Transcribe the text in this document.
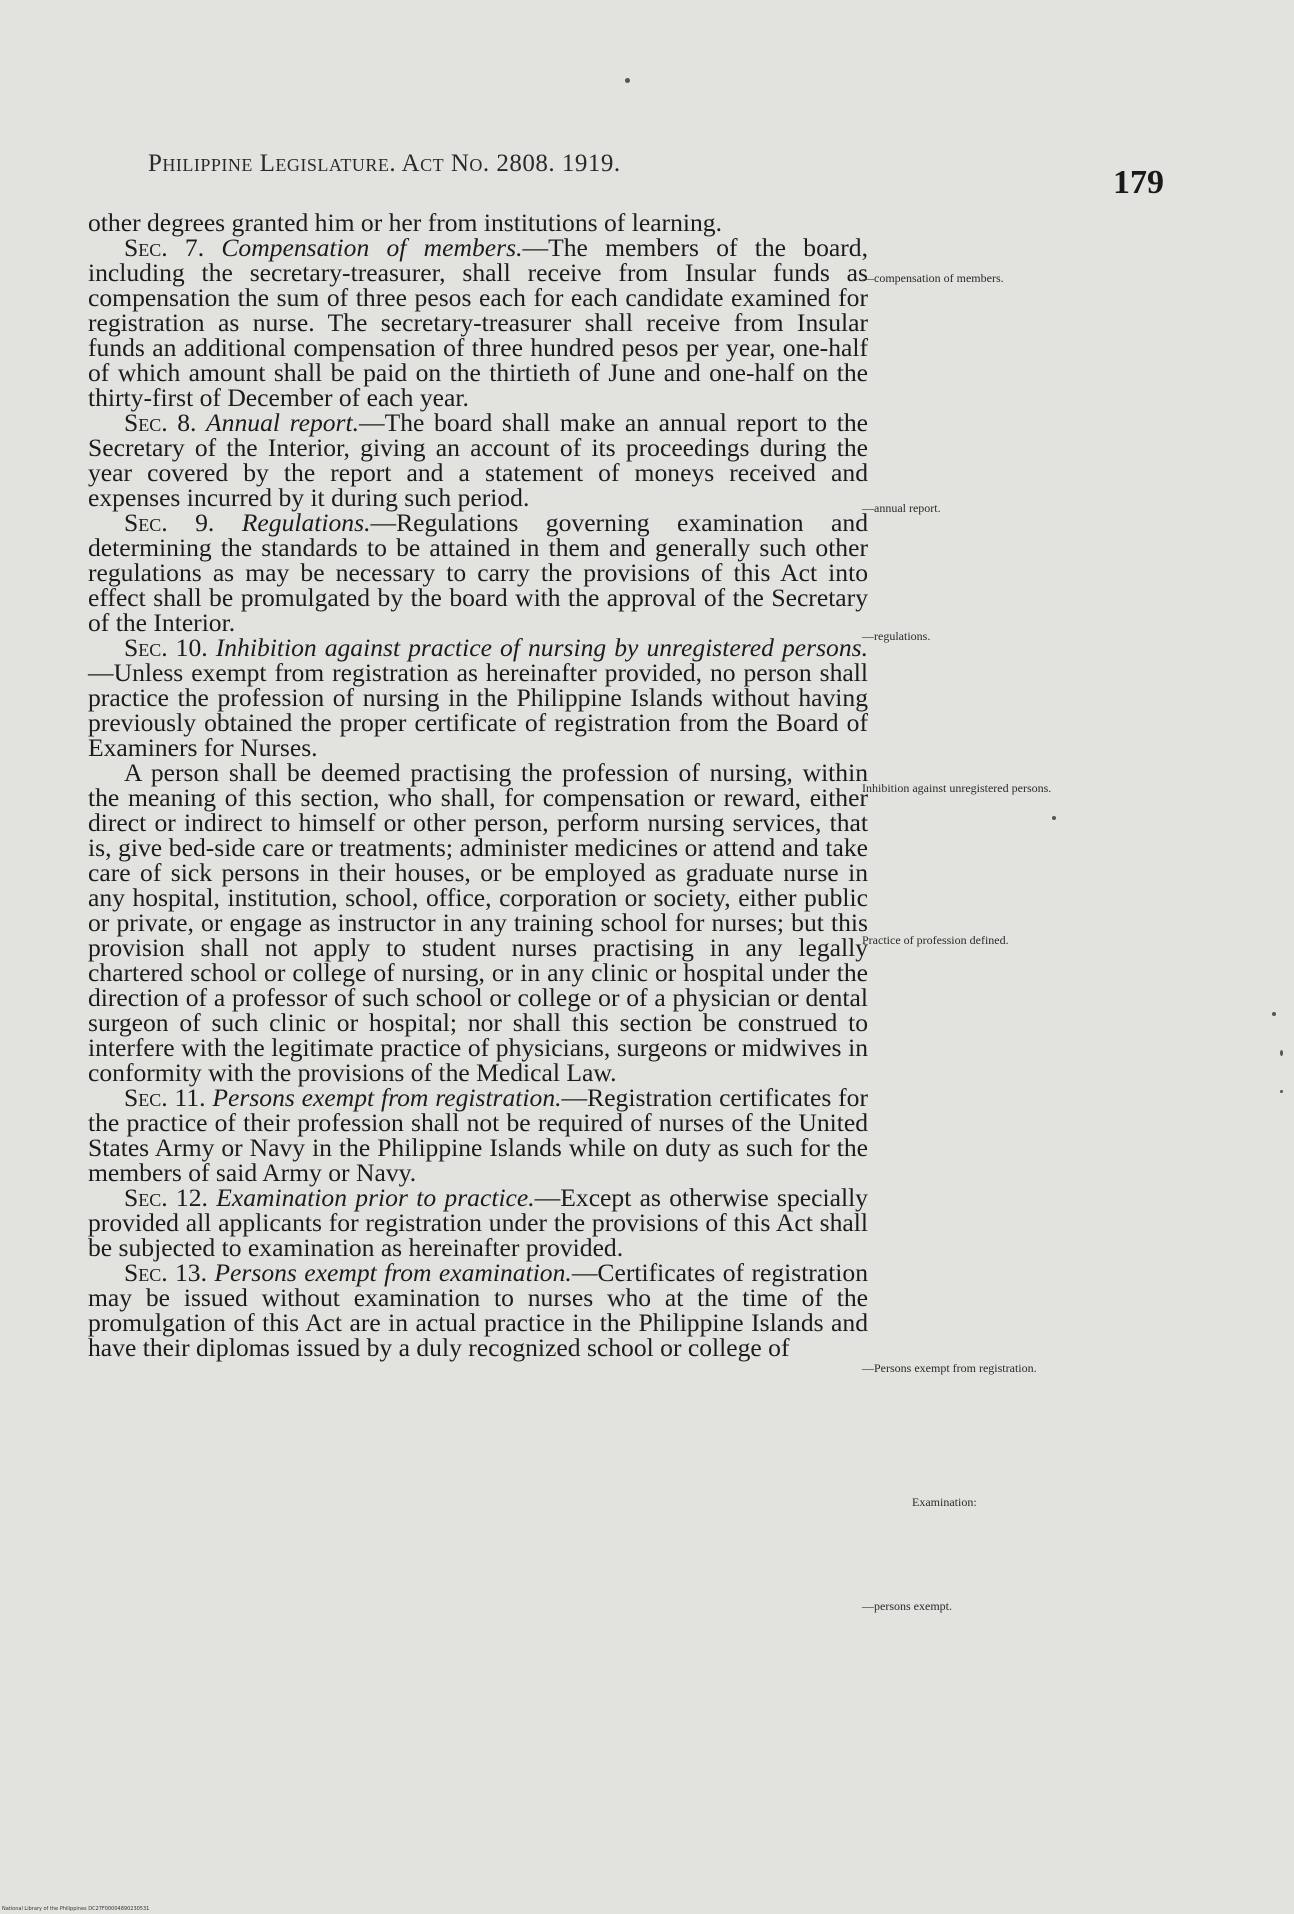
Philippine Legislature. Act No. 2808. 1919.
179

other degrees granted him or her from institutions of learning.

Sec. 7. Compensation of members.—The members of the board, including the secretary-treasurer, shall receive from Insular funds as compensation the sum of three pesos each for each candidate examined for registration as nurse. The secretary-treasurer shall receive from Insular funds an additional compensation of three hundred pesos per year, one-half of which amount shall be paid on the thirtieth of June and one-half on the thirty-first of December of each year.

Sec. 8. Annual report.—The board shall make an annual report to the Secretary of the Interior, giving an account of its proceedings during the year covered by the report and a statement of moneys received and expenses incurred by it during such period.

Sec. 9. Regulations.—Regulations governing examination and determining the standards to be attained in them and generally such other regulations as may be necessary to carry the provisions of this Act into effect shall be promulgated by the board with the approval of the Secretary of the Interior.

Sec. 10. Inhibition against practice of nursing by unregistered persons.—Unless exempt from registration as hereinafter provided, no person shall practice the profession of nursing in the Philippine Islands without having previously obtained the proper certificate of registration from the Board of Examiners for Nurses.

A person shall be deemed practising the profession of nursing, within the meaning of this section, who shall, for compensation or reward, either direct or indirect to himself or other person, perform nursing services, that is, give bed-side care or treatments; administer medicines or attend and take care of sick persons in their houses, or be employed as graduate nurse in any hospital, institution, school, office, corporation or society, either public or private, or engage as instructor in any training school for nurses; but this provision shall not apply to student nurses practising in any legally chartered school or college of nursing, or in any clinic or hospital under the direction of a professor of such school or college or of a physician or dental surgeon of such clinic or hospital; nor shall this section be construed to interfere with the legitimate practice of physicians, surgeons or midwives in conformity with the provisions of the Medical Law.

Sec. 11. Persons exempt from registration.—Registration certificates for the practice of their profession shall not be required of nurses of the United States Army or Navy in the Philippine Islands while on duty as such for the members of said Army or Navy.

Sec. 12. Examination prior to practice.—Except as otherwise specially provided all applicants for registration under the provisions of this Act shall be subjected to examination as hereinafter provided.

Sec. 13. Persons exempt from examination.—Certificates of registration may be issued without examination to nurses who at the time of the promulgation of this Act are in actual practice in the Philippine Islands and have their diplomas issued by a duly recognized school or college of

—compensation of members.
—annual report.
—regulations.
Inhibition against unregistered persons.
Practice of profession defined.
—Persons exempt from registration.
Examination:
—persons exempt.
National Library of the Philippines DC27F00004890230531
